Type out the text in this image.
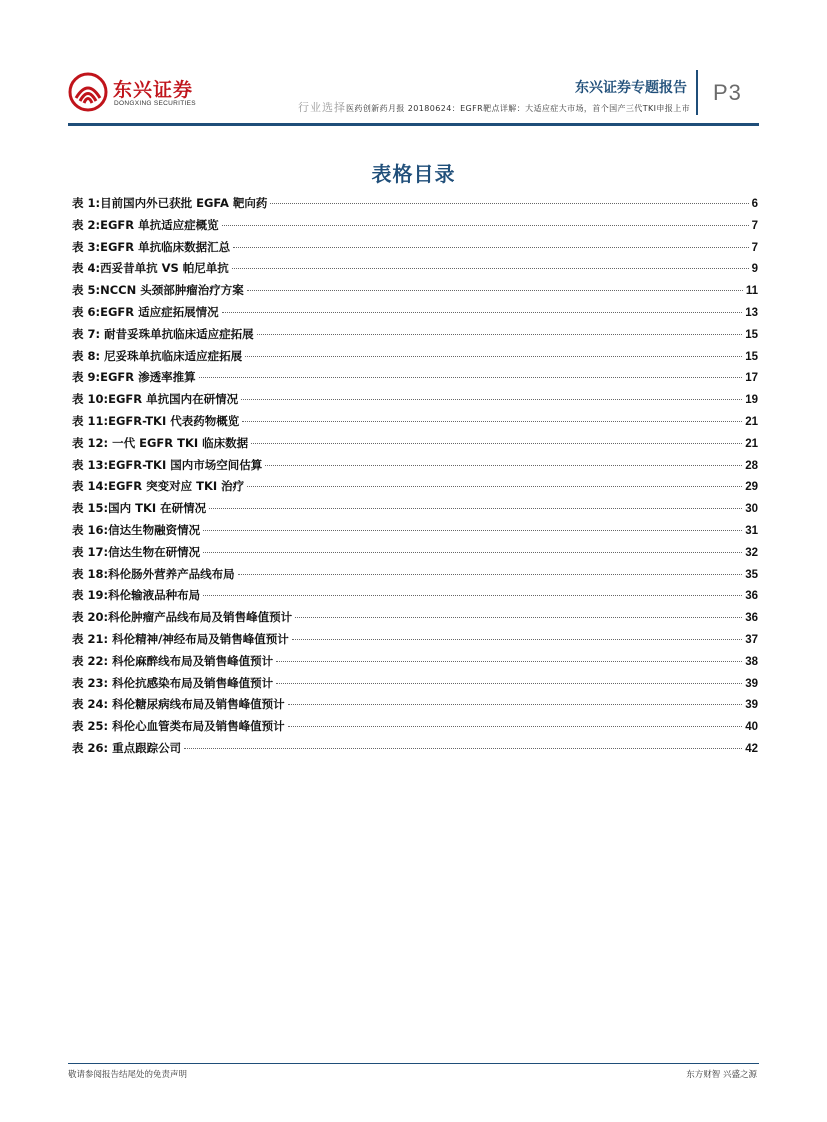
东兴证券
DONGXING SECURITIES
东兴证券专题报告
行业选择医药创新药月报 20180624：EGFR靶点详解：大适应症大市场，首个国产三代TKI申报上市
P3
表格目录
表 1:目前国内外已获批 EGFA 靶向药	6
表 2:EGFR 单抗适应症概览	7
表 3:EGFR 单抗临床数据汇总	7
表 4:西妥昔单抗 VS 帕尼单抗	9
表 5:NCCN 头颈部肿瘤治疗方案	11
表 6:EGFR 适应症拓展情况	13
表 7: 耐昔妥珠单抗临床适应症拓展	15
表 8: 尼妥珠单抗临床适应症拓展	15
表 9:EGFR 渗透率推算	17
表 10:EGFR 单抗国内在研情况	19
表 11:EGFR-TKI 代表药物概览	21
表 12: 一代 EGFR TKI 临床数据	21
表 13:EGFR-TKI 国内市场空间估算	28
表 14:EGFR 突变对应 TKI 治疗	29
表 15:国内 TKI 在研情况	30
表 16:信达生物融资情况	31
表 17:信达生物在研情况	32
表 18:科伦肠外营养产品线布局	35
表 19:科伦输液品种布局	36
表 20:科伦肿瘤产品线布局及销售峰值预计	36
表 21: 科伦精神/神经布局及销售峰值预计	37
表 22: 科伦麻醉线布局及销售峰值预计	38
表 23: 科伦抗感染布局及销售峰值预计	39
表 24: 科伦糖尿病线布局及销售峰值预计	39
表 25: 科伦心血管类布局及销售峰值预计	40
表 26: 重点跟踪公司	42
敬请参阅报告结尾处的免责声明	东方财智 兴盛之源
